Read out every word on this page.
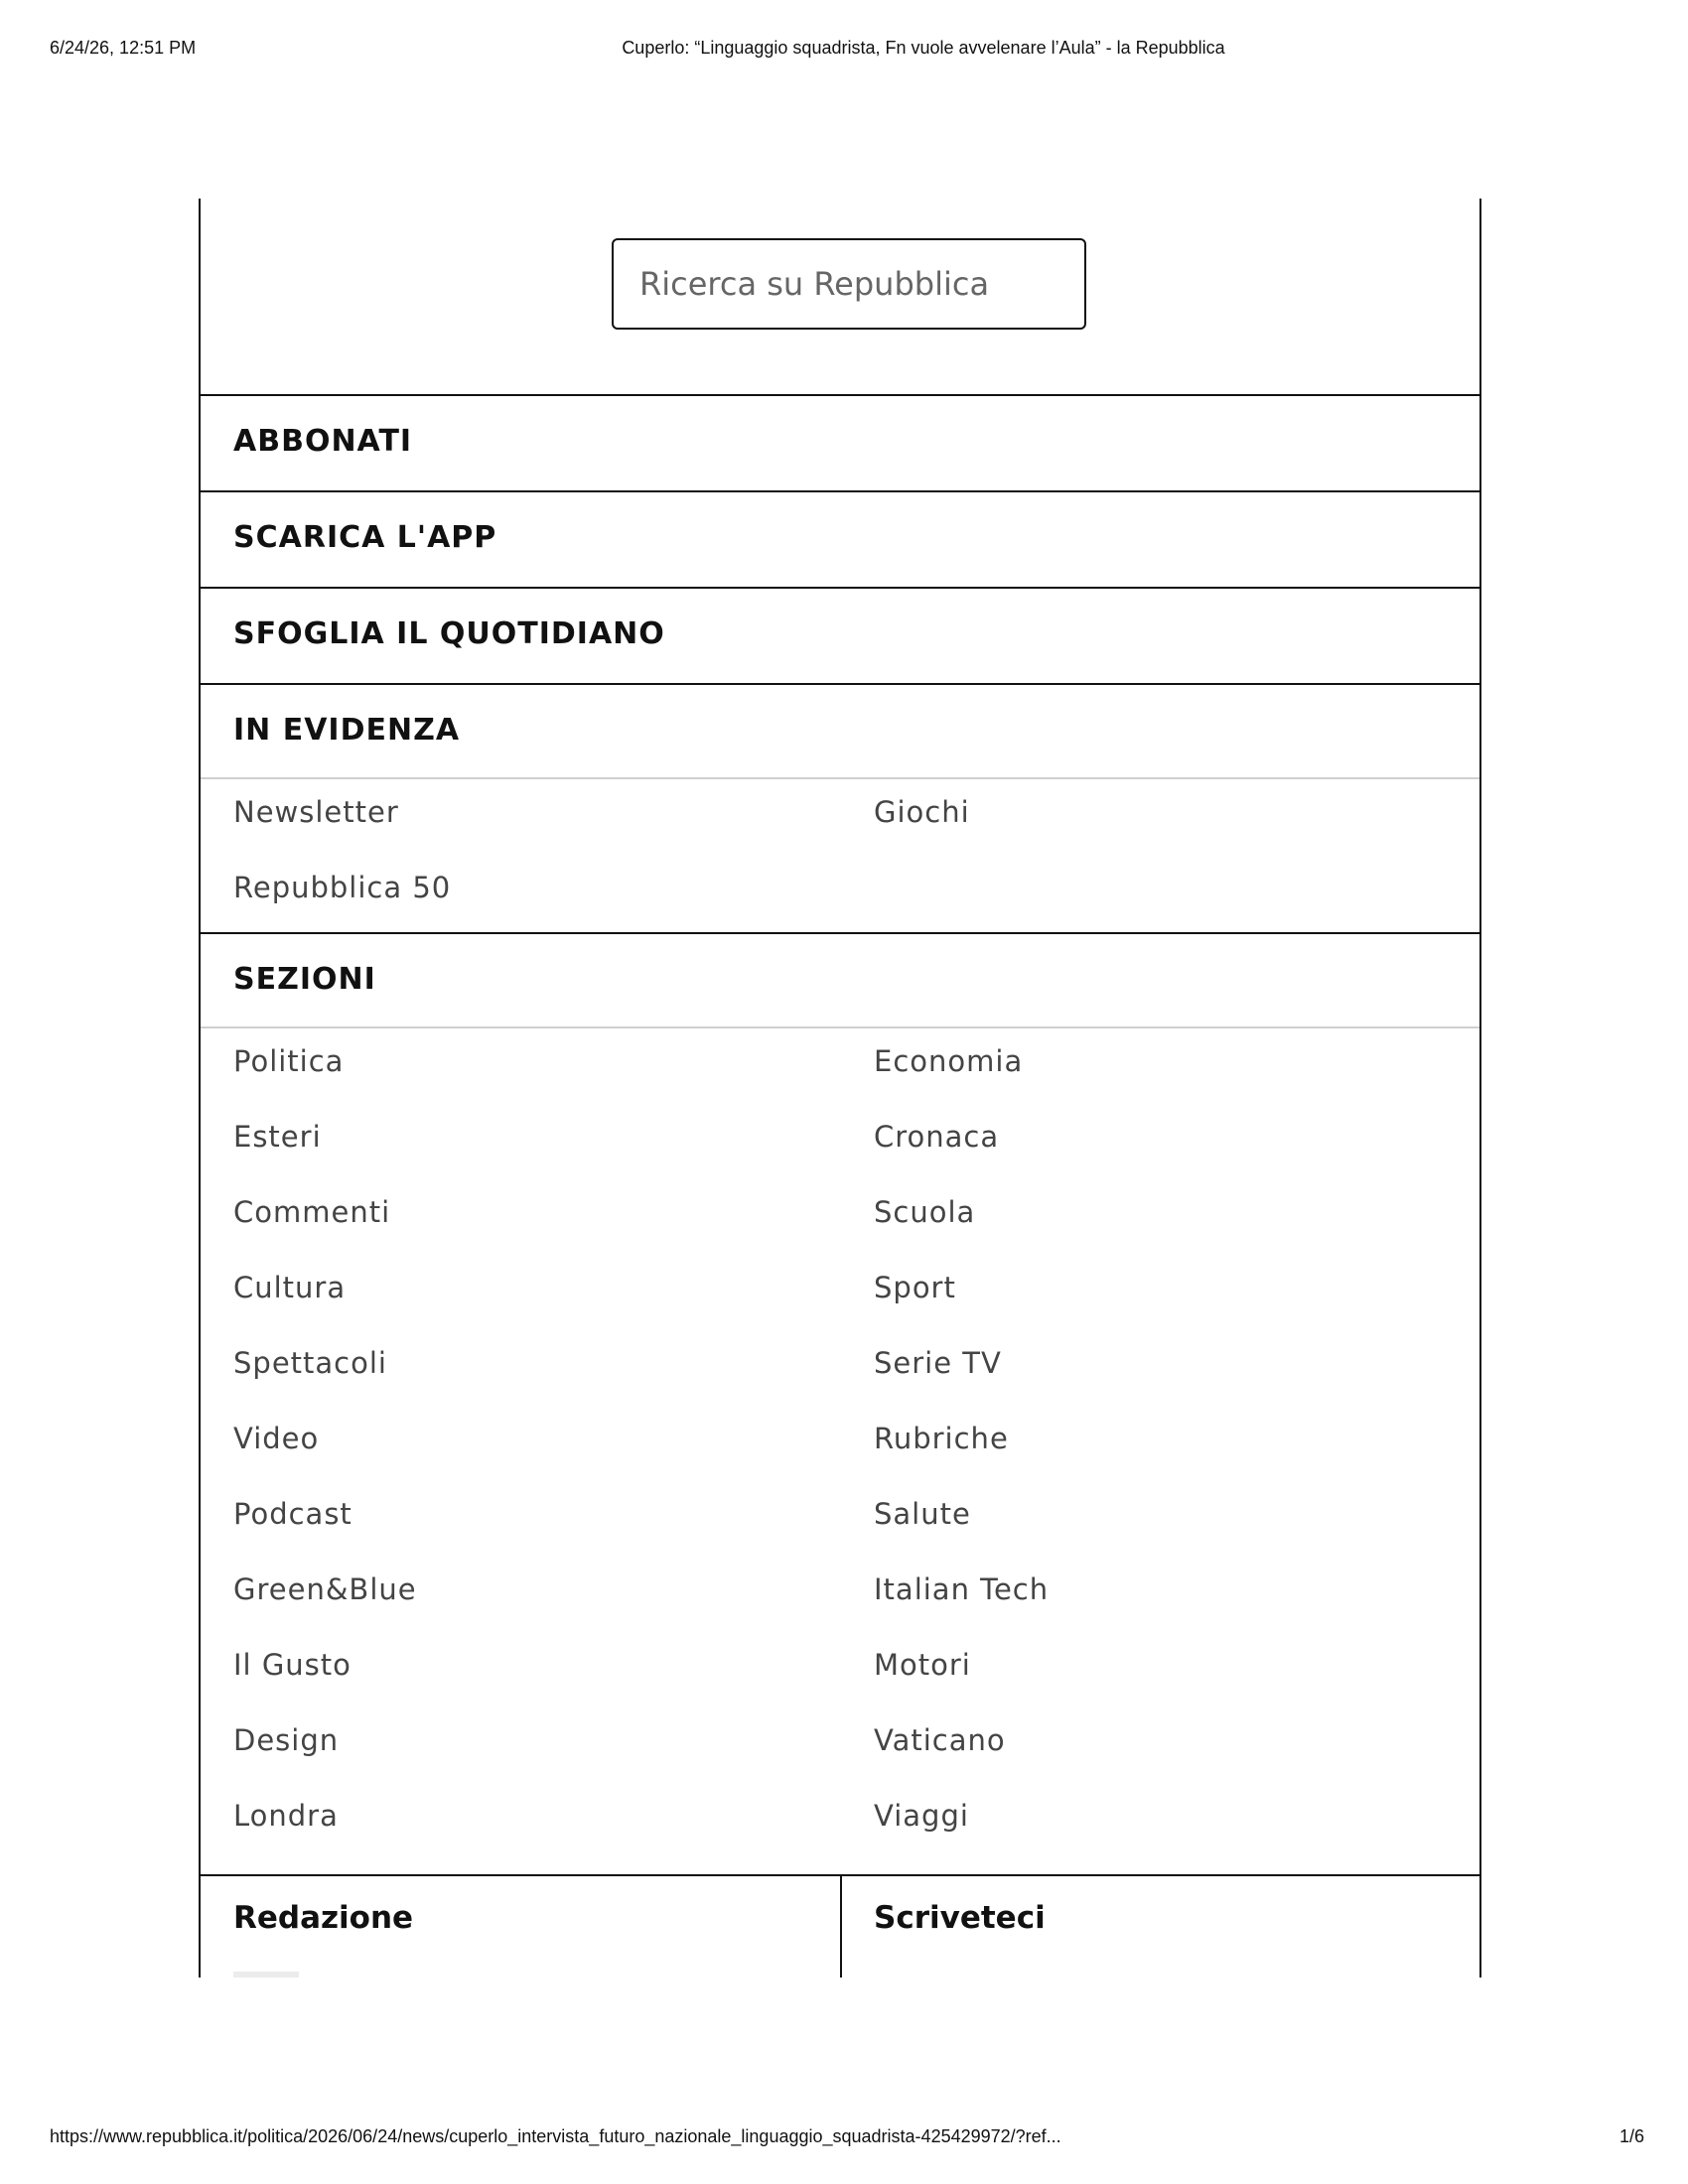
6/24/26, 12:51 PM	Cuperlo: “Linguaggio squadrista, Fn vuole avvelenare l’Aula” - la Repubblica
Ricerca su Repubblica
ABBONATI
SCARICA L'APP
SFOGLIA IL QUOTIDIANO
IN EVIDENZA
Newsletter	Giochi
Repubblica 50
SEZIONI
Politica	Economia
Esteri	Cronaca
Commenti	Scuola
Cultura	Sport
Spettacoli	Serie TV
Video	Rubriche
Podcast	Salute
Green&Blue	Italian Tech
Il Gusto	Motori
Design	Vaticano
Londra	Viaggi
Redazione	Scriveteci
https://www.repubblica.it/politica/2026/06/24/news/cuperlo_intervista_futuro_nazionale_linguaggio_squadrista-425429972/?ref...	1/6
